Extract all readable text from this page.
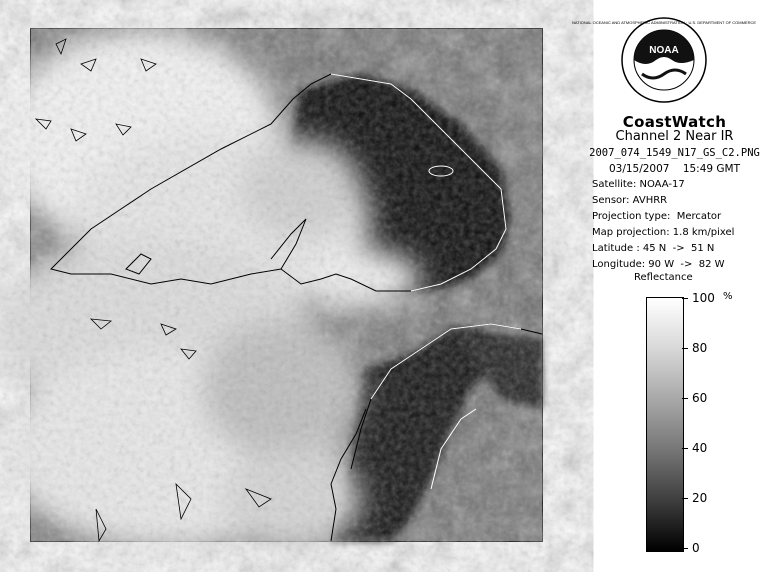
NOAA
NATIONAL OCEANIC AND ATMOSPHERIC ADMINISTRATION · U.S. DEPARTMENT OF COMMERCE
CoastWatch
Channel 2 Near IR
2007_074_1549_N17_GS_C2.PNG
03/15/2007    15:49 GMT
Satellite: NOAA-17
Sensor: AVHRR
Projection type:  Mercator
Map projection: 1.8 km/pixel
Latitude : 45 N  ->  51 N
Longitude: 90 W  ->  82 W
Reflectance
%
100
80
60
40
20
0
